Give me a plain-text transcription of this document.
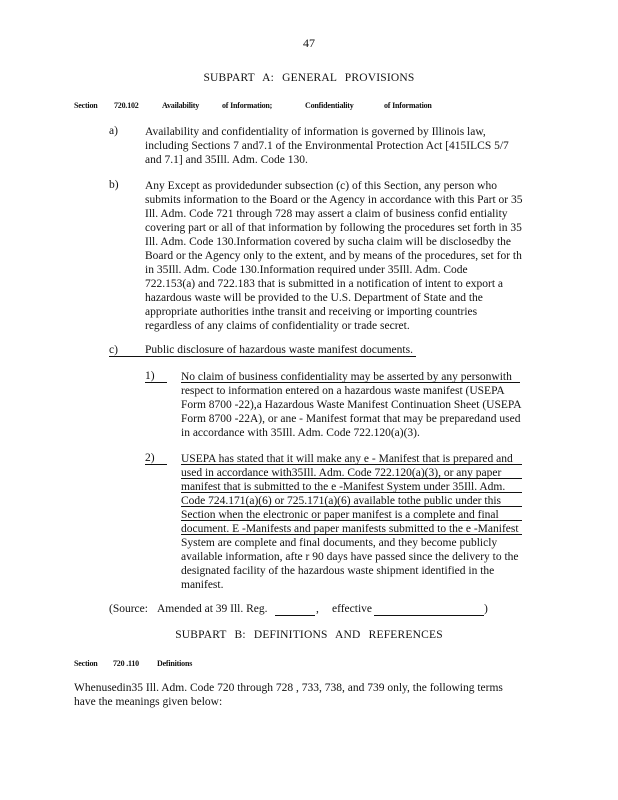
47
SUBPART A: GENERAL PROVISIONS
Section 720.102	Availability	of Information;	Confidentiality	of Information
a) Availability and confidentiality of information is governed by Illinois law,
including Sections 7 and7.1 of the Environmental Protection Act [415ILCS 5/7
and 7.1] and 35Ill. Adm. Code 130.
b) Any Except as providedunder subsection (c) of this Section, any person who
submits information to the Board or the Agency in accordance with this Part or 35
Ill. Adm. Code 721 through 728 may assert a claim of business confid entiality
covering part or all of that information by following the procedures set forth in 35
Ill. Adm. Code 130.Information covered by sucha claim will be disclosedby the
Board or the Agency only to the extent, and by means of the procedures, set for th
in 35Ill. Adm. Code 130.Information required under 35Ill. Adm. Code
722.153(a) and 722.183 that is submitted in a notification of intent to export a
hazardous waste will be provided to the U.S. Department of State and the
appropriate authorities inthe transit and receiving or importing countries
regardless of any claims of confidentiality or trade secret.
c) Public disclosure of hazardous waste manifest documents.
1) No claim of business confidentiality may be asserted by any personwith
respect to information entered on a hazardous waste manifest (USEPA
Form 8700 -22),a Hazardous Waste Manifest Continuation Sheet (USEPA
Form 8700 -22A), or ane - Manifest format that may be preparedand used
in accordance with 35Ill. Adm. Code 722.120(a)(3).
2) USEPA has stated that it will make any e - Manifest that is prepared and
used in accordance with35Ill. Adm. Code 722.120(a)(3), or any paper
manifest that is submitted to the e -Manifest System under 35Ill. Adm.
Code 724.171(a)(6) or 725.171(a)(6) available tothe public under this
Section when the electronic or paper manifest is a complete and final
document. E -Manifests and paper manifests submitted to the e -Manifest
System are complete and final documents, and they become publicly
available information, afte r 90 days have passed since the delivery to the
designated facility of the hazardous waste shipment identified in the
manifest.
(Source: Amended at 39 Ill. Reg.	, effective	)
SUBPART B: DEFINITIONS AND REFERENCES
Section 720 .110 Definitions
Whenusedin35 Ill. Adm. Code 720 through 728 , 733, 738, and 739 only, the following terms
have the meanings given below:
